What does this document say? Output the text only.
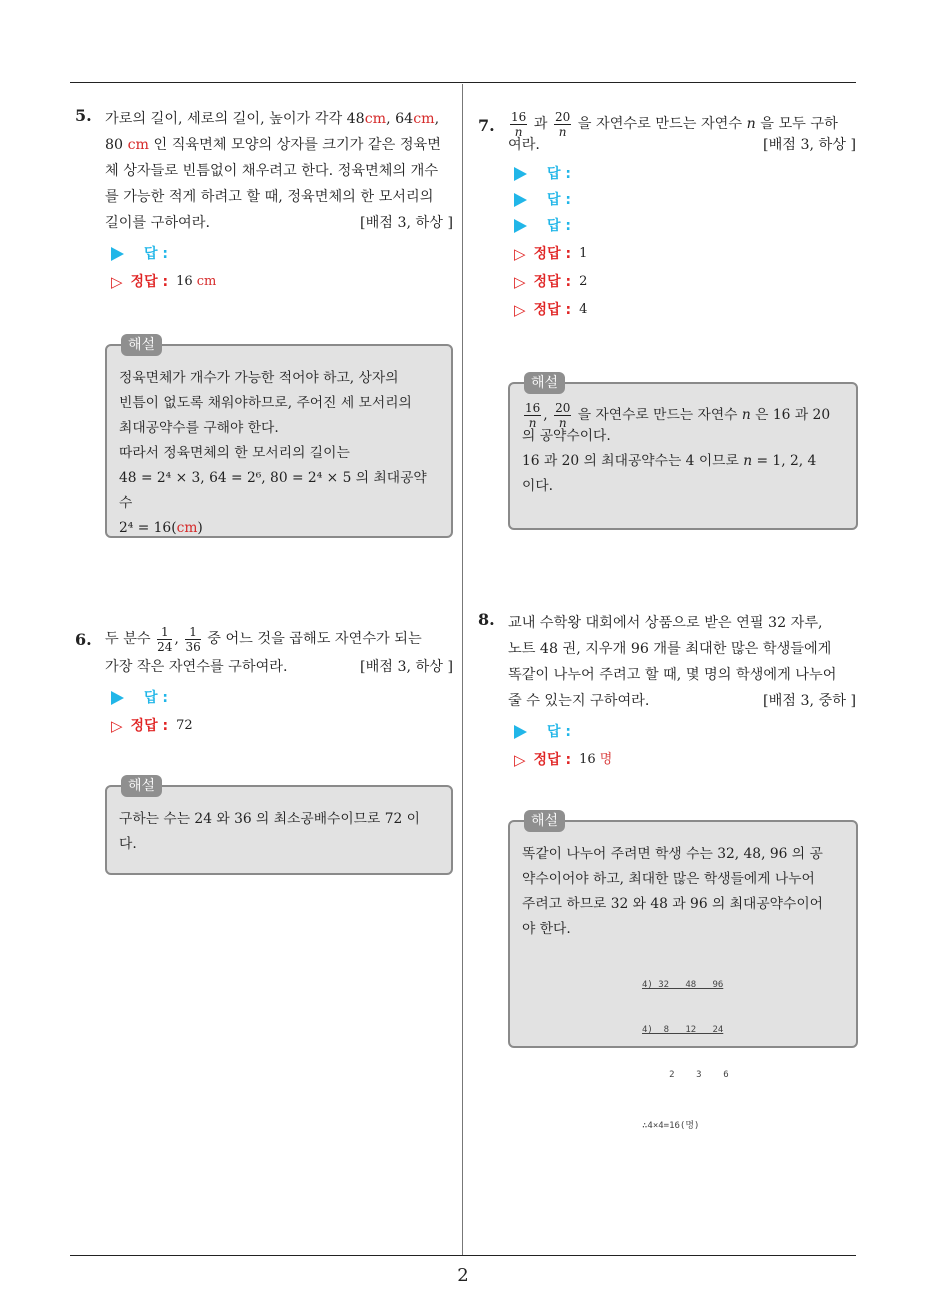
2
5. 가로의 길이, 세로의 길이, 높이가 각각 48cm, 64cm,
80 cm 인 직육면체 모양의 상자를 크기가 같은 정육면
체 상자들로 빈틈없이 채우려고 한다. 정육면체의 개수
를 가능한 적게 하려고 할 때, 정육면체의 한 모서리의
길이를 구하여라.	[배점 3, 하상 ]
답 :
▷ 정답 : 16 cm
해설
정육면체가 개수가 가능한 적어야 하고, 상자의
빈틈이 없도록 채워야하므로, 주어진 세 모서리의
최대공약수를 구해야 한다.
따라서 정육면체의 한 모서리의 길이는
48 = 2⁴ × 3, 64 = 2⁶, 80 = 2⁴ × 5 의 최대공약수
2⁴ = 16(cm)
6. 두 분수 $\frac{1}{24}$ , $\frac{1}{36}$ 중 어느 것을 곱해도 자연수가 되는
가장 작은 자연수를 구하여라.	[배점 3, 하상 ]
답 :
▷ 정답 : 72
해설
구하는 수는 24 와 36 의 최소공배수이므로 72 이
다.
7. $\frac{16}{n}$ 과 $\frac{20}{n}$ 을 자연수로 만드는 자연수 n 을 모두 구하
여라.	[배점 3, 하상 ]
답 :
답 :
답 :
▷ 정답 : 1
▷ 정답 : 2
▷ 정답 : 4
해설
$\frac{16}{n}$ , $\frac{20}{n}$ 을 자연수로 만드는 자연수 n 은 16 과 20
의 공약수이다.
16 과 20 의 최대공약수는 4 이므로 n = 1, 2, 4
이다.
8. 교내 수학왕 대회에서 상품으로 받은 연필 32 자루,
노트 48 권, 지우개 96 개를 최대한 많은 학생들에게
똑같이 나누어 주려고 할 때, 몇 명의 학생에게 나누어
줄 수 있는지 구하여라.	[배점 3, 중하 ]
답 :
▷ 정답 : 16 명
해설
똑같이 나누어 주려면 학생 수는 32, 48, 96 의 공
약수이어야 하고, 최대한 많은 학생들에게 나누어
주려고 하므로 32 와 48 과 96 의 최대공약수이어
야 한다.

4) 32   48   96

4)  8   12   24

2    3    6

∴4×4=16(명)
